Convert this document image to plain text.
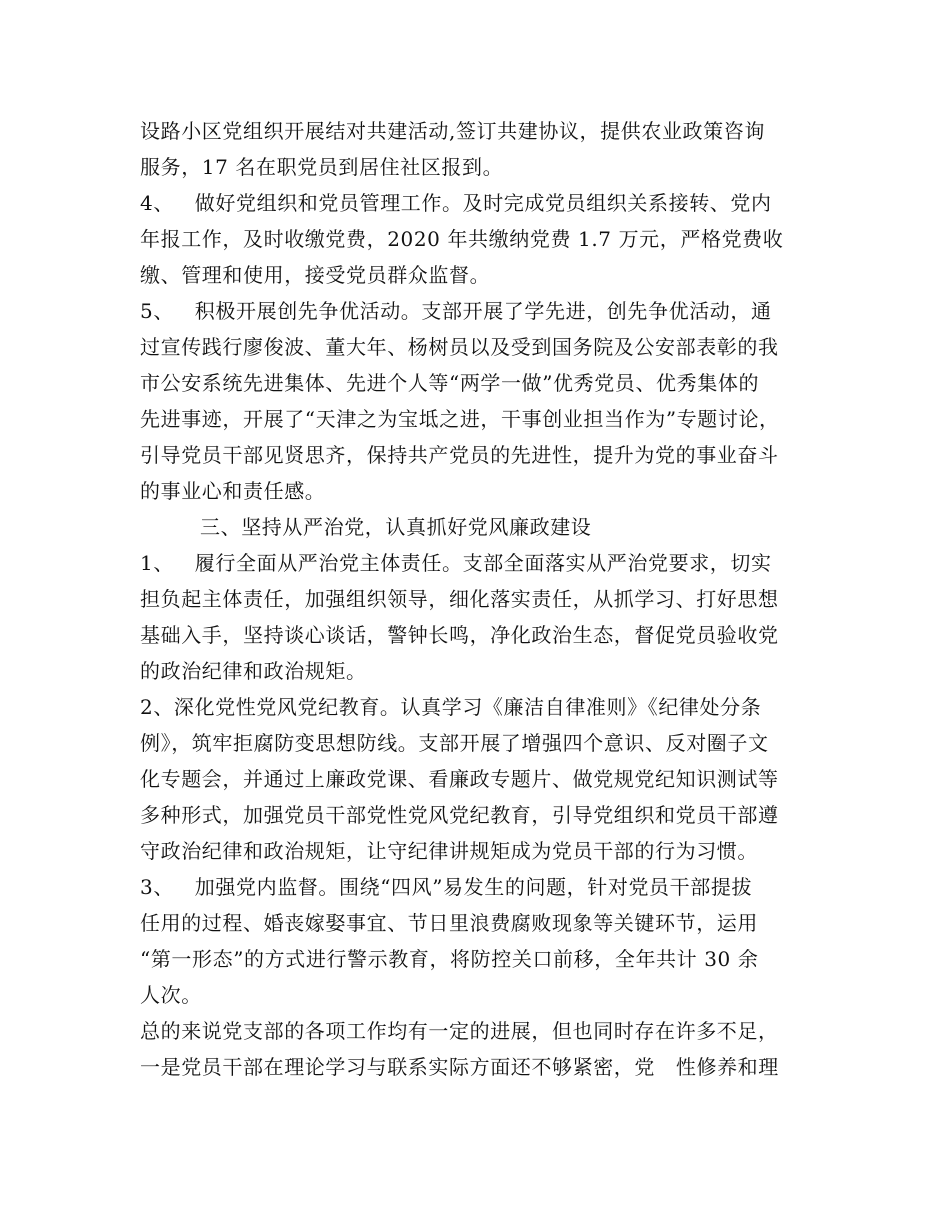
设路小区党组织开展结对共建活动,签订共建协议，提供农业政策咨询
服务，17 名在职党员到居住社区报到。
4、   做好党组织和党员管理工作。及时完成党员组织关系接转、党内
年报工作，及时收缴党费，2020 年共缴纳党费 1.7 万元，严格党费收
缴、管理和使用，接受党员群众监督。
5、   积极开展创先争优活动。支部开展了学先进，创先争优活动，通
过宣传践行廖俊波、董大年、杨树员以及受到国务院及公安部表彰的我
市公安系统先进集体、先进个人等“两学一做”优秀党员、优秀集体的
先进事迹，开展了“天津之为宝坻之进，干事创业担当作为”专题讨论，
引导党员干部见贤思齐，保持共产党员的先进性，提升为党的事业奋斗
的事业心和责任感。
三、坚持从严治党，认真抓好党风廉政建设
1、   履行全面从严治党主体责任。支部全面落实从严治党要求，切实
担负起主体责任，加强组织领导，细化落实责任，从抓学习、打好思想
基础入手，坚持谈心谈话，警钟长鸣，净化政治生态，督促党员验收党
的政治纪律和政治规矩。
2、深化党性党风党纪教育。认真学习《廉洁自律准则》《纪律处分条
例》，筑牢拒腐防变思想防线。支部开展了增强四个意识、反对圈子文
化专题会，并通过上廉政党课、看廉政专题片、做党规党纪知识测试等
多种形式，加强党员干部党性党风党纪教育，引导党组织和党员干部遵
守政治纪律和政治规矩，让守纪律讲规矩成为党员干部的行为习惯。
3、   加强党内监督。围绕“四风”易发生的问题，针对党员干部提拔
任用的过程、婚丧嫁娶事宜、节日里浪费腐败现象等关键环节，运用
“第一形态”的方式进行警示教育，将防控关口前移，全年共计 30 余
人次。
总的来说党支部的各项工作均有一定的进展，但也同时存在许多不足，
一是党员干部在理论学习与联系实际方面还不够紧密，党   性修养和理
